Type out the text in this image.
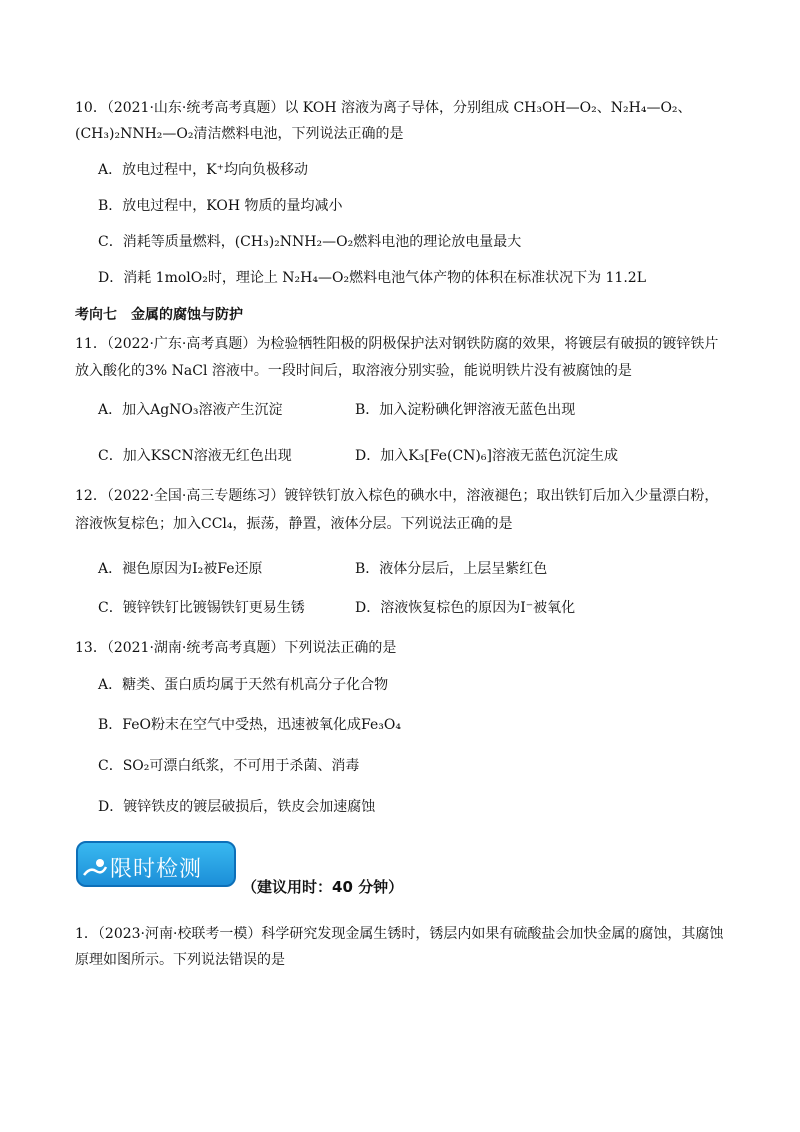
10．（2021·山东·统考高考真题）以 KOH 溶液为离子导体，分别组成 CH₃OH—O₂、N₂H₄—O₂、
(CH₃)₂NNH₂—O₂清洁燃料电池，下列说法正确的是
A．放电过程中，K⁺均向负极移动
B．放电过程中，KOH 物质的量均减小
C．消耗等质量燃料，(CH₃)₂NNH₂—O₂燃料电池的理论放电量最大
D．消耗 1molO₂时，理论上 N₂H₄—O₂燃料电池气体产物的体积在标准状况下为 11.2L
考向七　金属的腐蚀与防护
11．（2022·广东·高考真题）为检验牺牲阳极的阴极保护法对钢铁防腐的效果，将镀层有破损的镀锌铁片
放入酸化的3% NaCl 溶液中。一段时间后，取溶液分别实验，能说明铁片没有被腐蚀的是
A．加入AgNO₃溶液产生沉淀	B．加入淀粉碘化钾溶液无蓝色出现
C．加入KSCN溶液无红色出现	D．加入K₃[Fe(CN)₆]溶液无蓝色沉淀生成
12．（2022·全国·高三专题练习）镀锌铁钉放入棕色的碘水中，溶液褪色；取出铁钉后加入少量漂白粉，
溶液恢复棕色；加入CCl₄，振荡，静置，液体分层。下列说法正确的是
A．褪色原因为I₂被Fe还原	B．液体分层后，上层呈紫红色
C．镀锌铁钉比镀锡铁钉更易生锈	D．溶液恢复棕色的原因为I⁻被氧化
13．（2021·湖南·统考高考真题）下列说法正确的是
A．糖类、蛋白质均属于天然有机高分子化合物
B．FeO粉末在空气中受热，迅速被氧化成Fe₃O₄
C．SO₂可漂白纸浆，不可用于杀菌、消毒
D．镀锌铁皮的镀层破损后，铁皮会加速腐蚀
限时检测
（建议用时：40 分钟）
1．（2023·河南·校联考一模）科学研究发现金属生锈时，锈层内如果有硫酸盐会加快金属的腐蚀，其腐蚀
原理如图所示。下列说法错误的是
